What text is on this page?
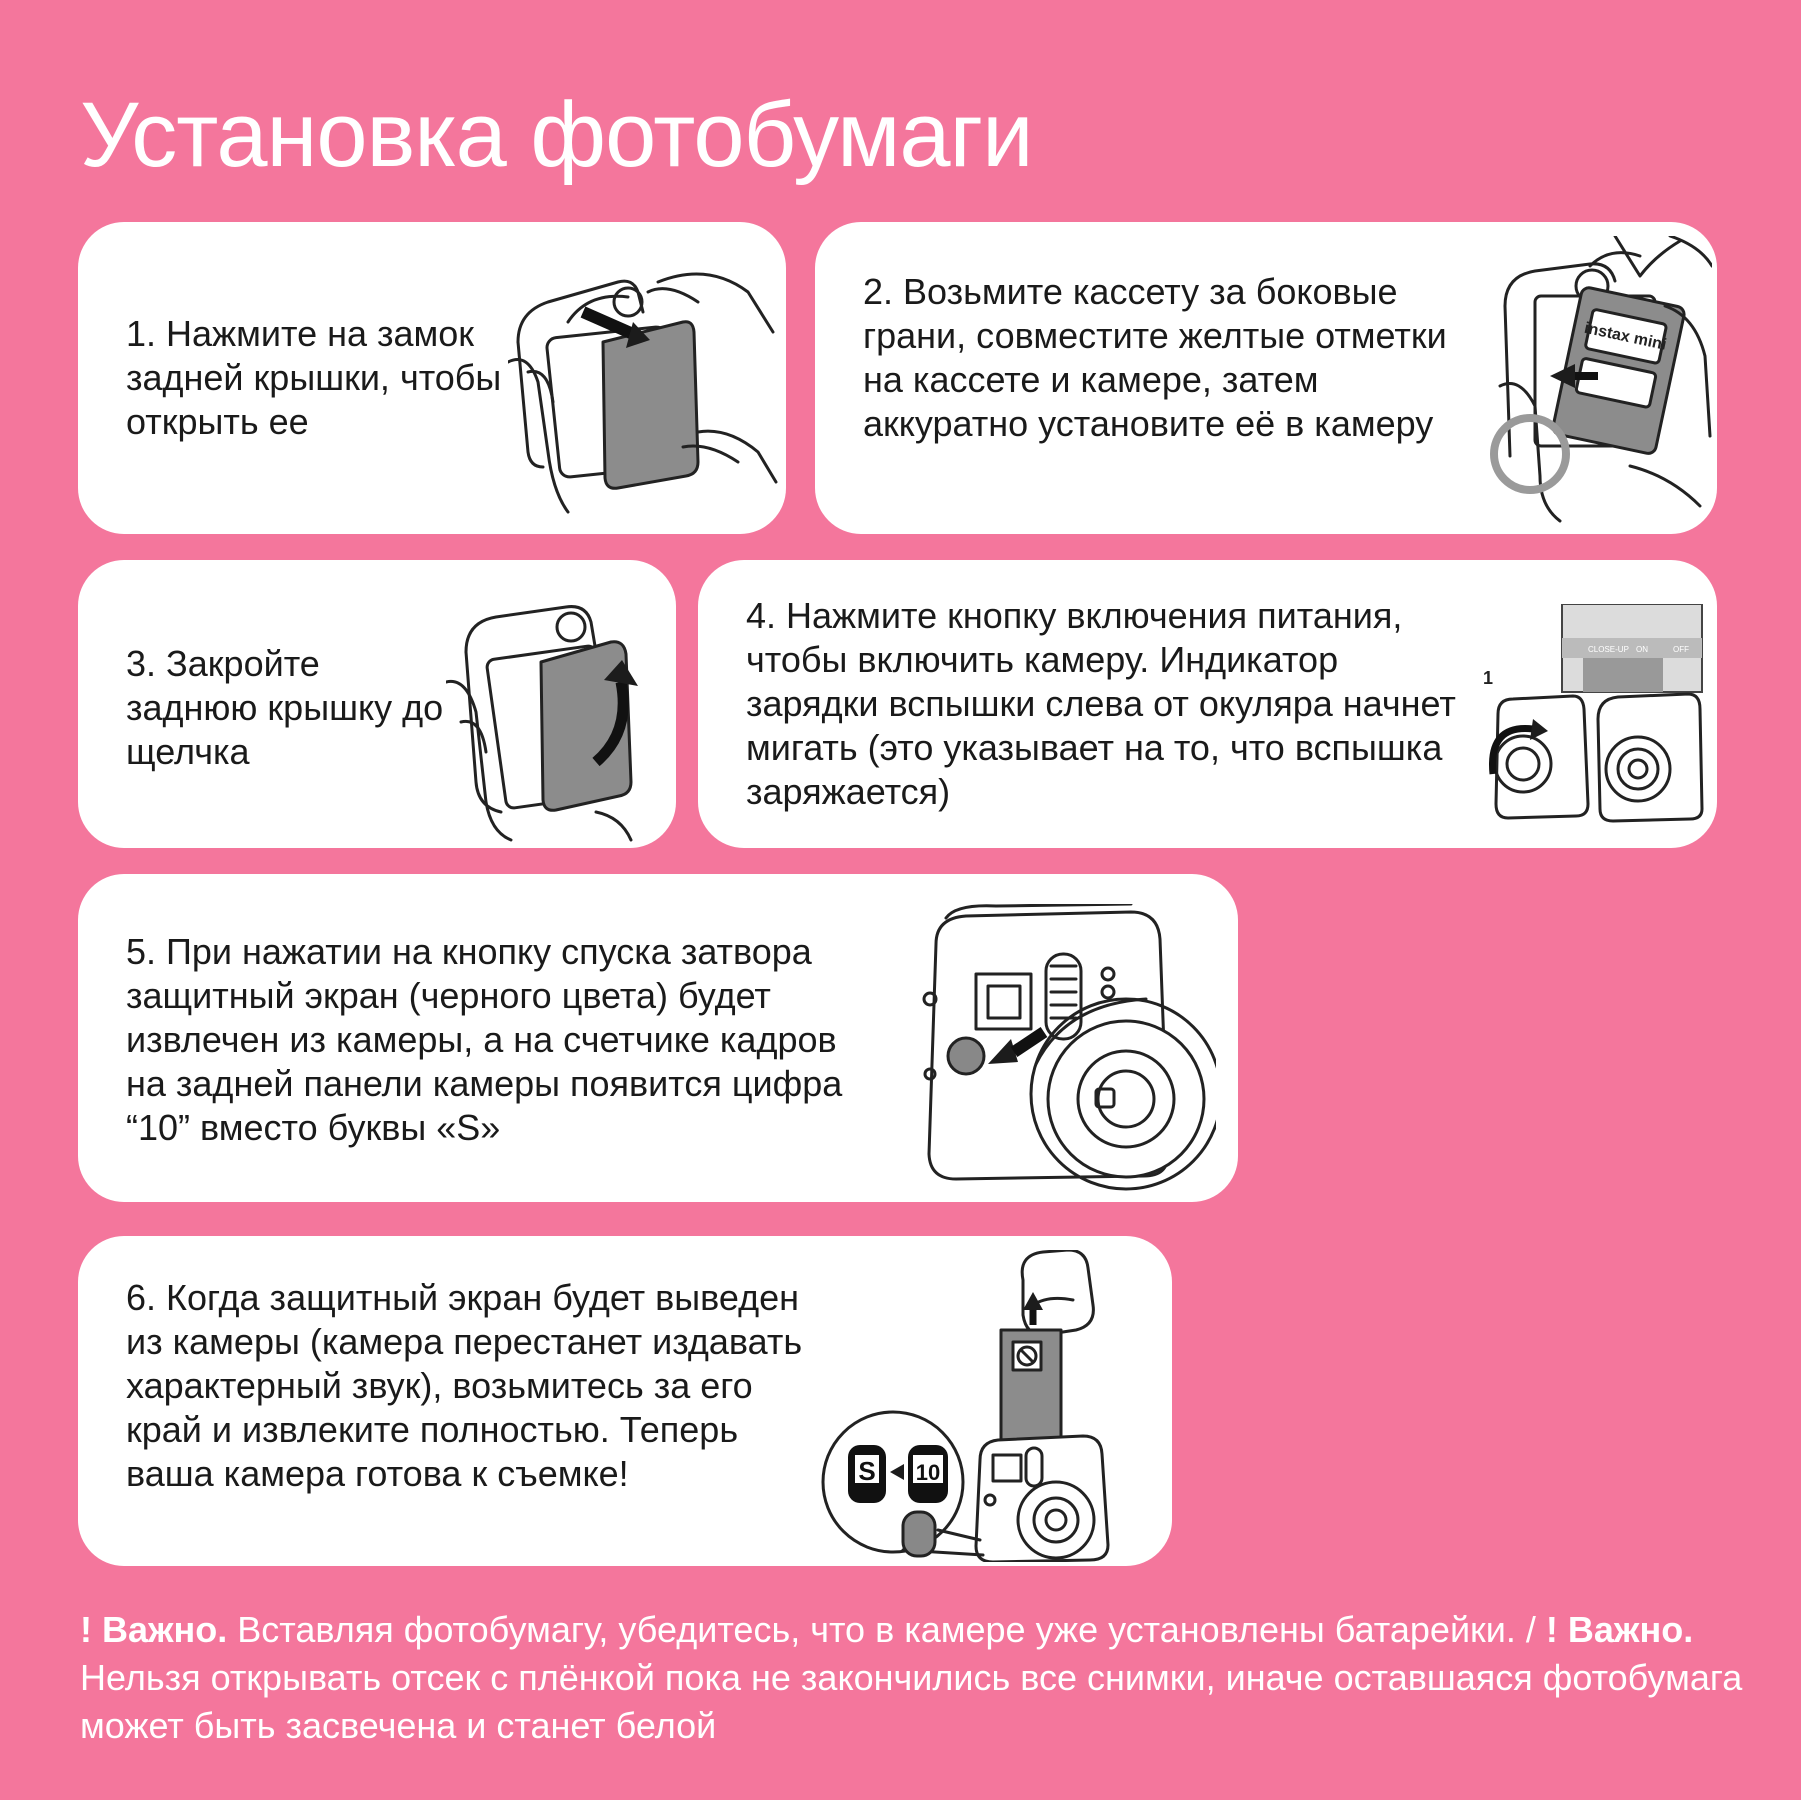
Установка фотобумаги
1. Нажмите на замок задней крышки, чтобы открыть ее
2. Возьмите кассету за боковые грани, совместите желтые отметки на кассете и камере, затем аккуратно установите её в камеру
instax mini
3. Закройте заднюю крышку до щелчка
4. Нажмите кнопку включения питания, чтобы включить камеру. Индикатор зарядки вспышки слева от окуляра начнет мигать (это указывает на то, что вспышка заряжается)
CLOSE-UP ON	OFF
1
5. При нажатии на кнопку спуска затвора защитный экран (черного цвета) будет извлечен из камеры, а на счетчике кадров на задней панели камеры появится цифра “10” вместо буквы «S»
6. Когда защитный экран будет выведен из камеры (камера перестанет издавать характерный звук), возьмитесь за его край и извлеките полностью. Теперь ваша камера готова к съемке!	S 10
! Важно. Вставляя фотобумагу, убедитесь, что в камере уже установлены батарейки. / ! Важно. Нельзя открывать отсек с плёнкой пока не закончились все снимки, иначе оставшаяся фотобумага может быть засвечена и станет белой
